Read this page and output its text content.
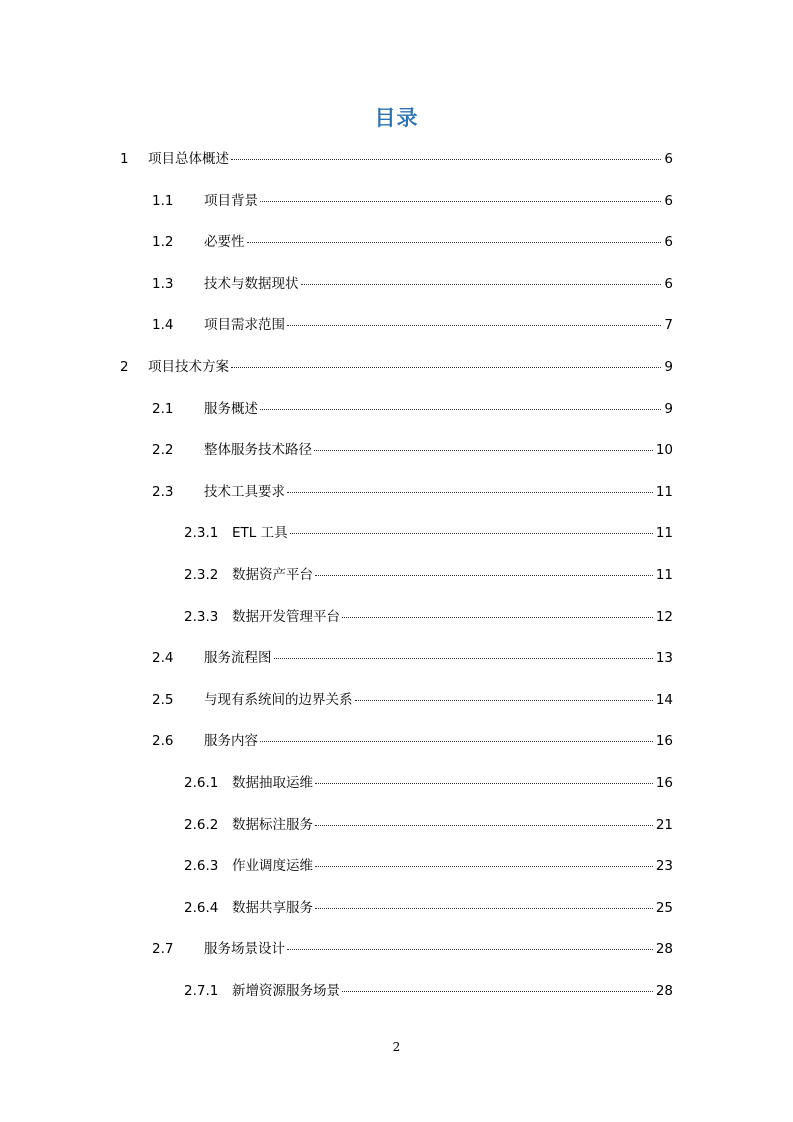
目录
1 项目总体概述	6
1.1 项目背景	6
1.2 必要性	6
1.3 技术与数据现状	6
1.4 项目需求范围	7
2 项目技术方案	9
2.1 服务概述	9
2.2 整体服务技术路径	10
2.3 技术工具要求	11
2.3.1 ETL 工具	11
2.3.2 数据资产平台	11
2.3.3 数据开发管理平台	12
2.4 服务流程图	13
2.5 与现有系统间的边界关系	14
2.6 服务内容	16
2.6.1 数据抽取运维	16
2.6.2 数据标注服务	21
2.6.3 作业调度运维	23
2.6.4 数据共享服务	25
2.7 服务场景设计	28
2.7.1 新增资源服务场景	28
2
